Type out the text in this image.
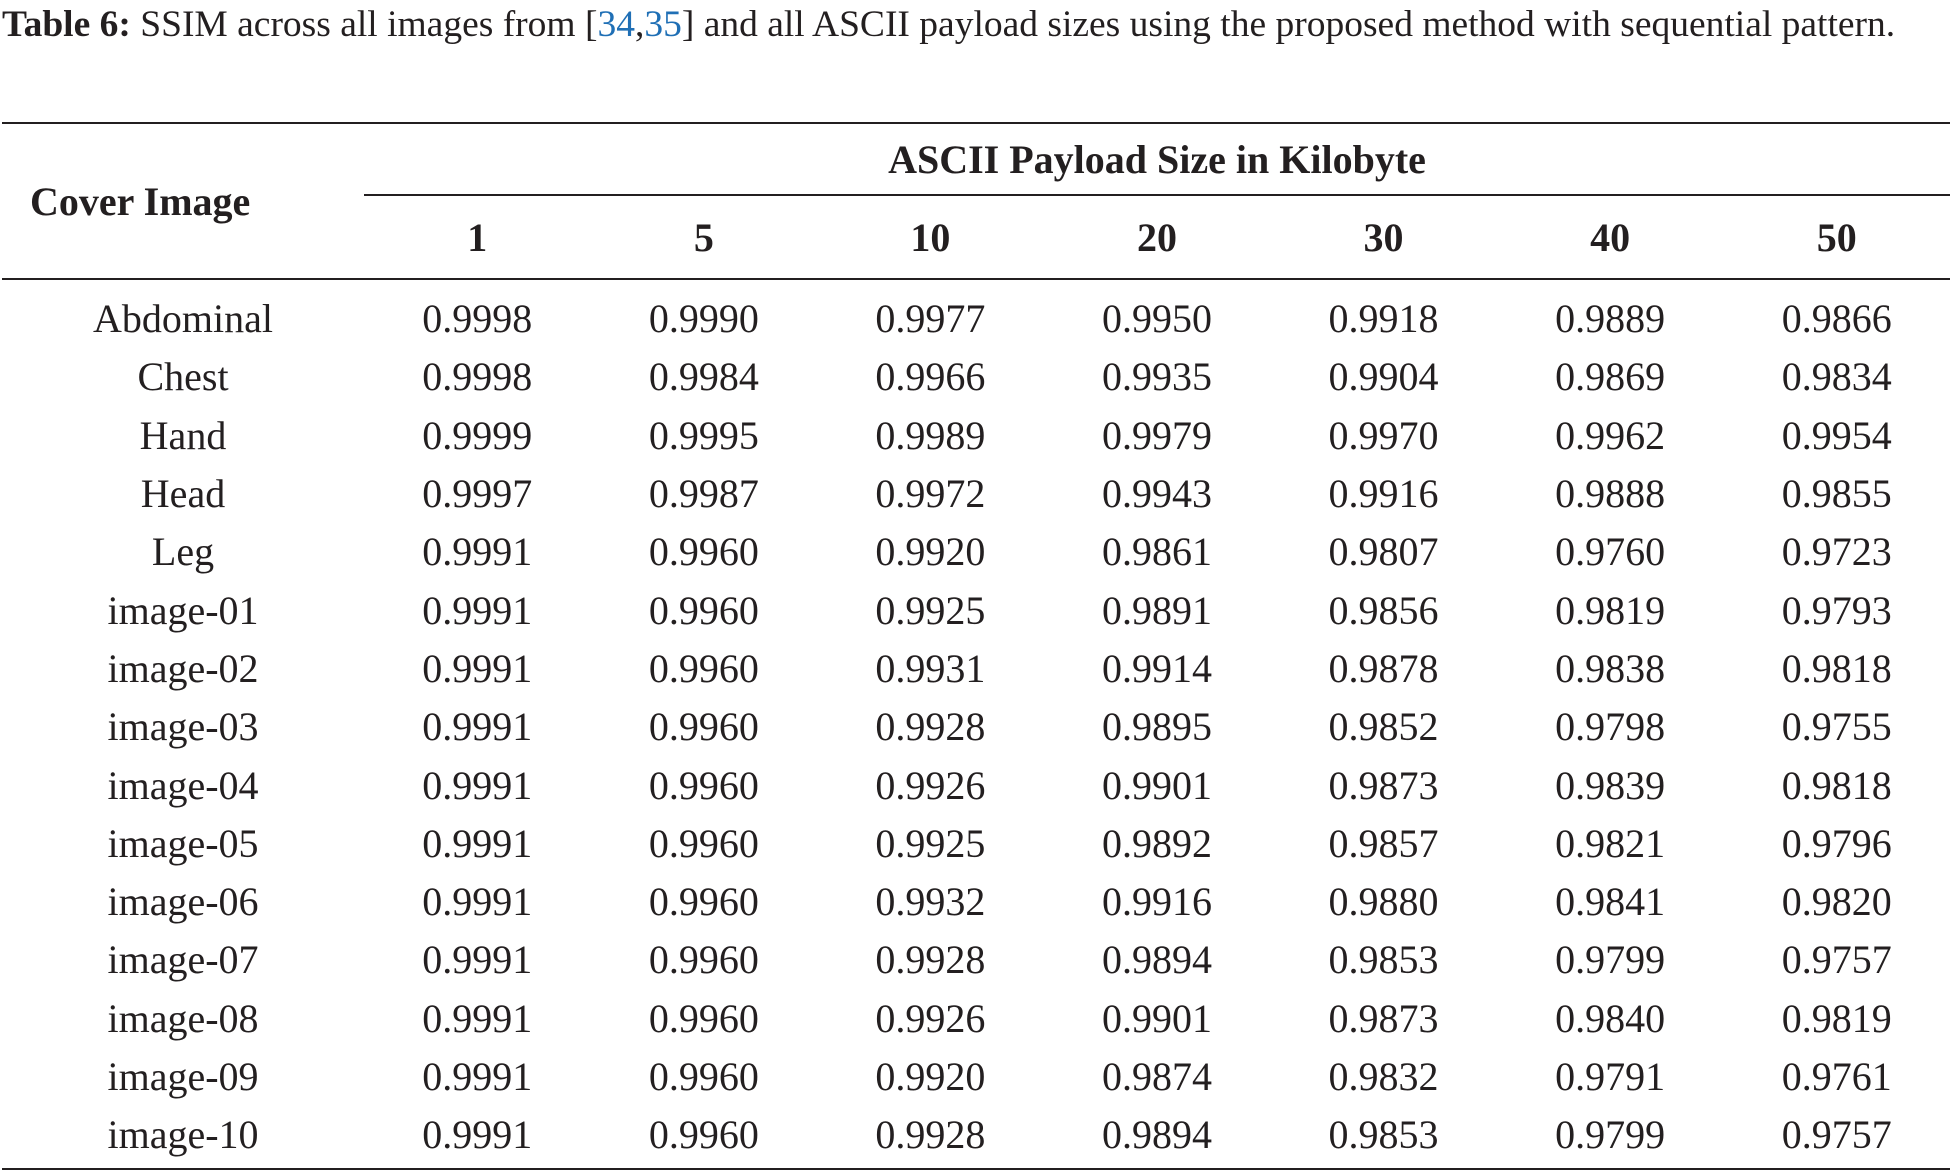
Table 6: SSIM across all images from [34,35] and all ASCII payload sizes using the proposed method with sequential pattern.

Cover Image	ASCII Payload Size in Kilobyte						
	1	5	10	20	30	40	50
Abdominal	0.9998	0.9990	0.9977	0.9950	0.9918	0.9889	0.9866
Chest	0.9998	0.9984	0.9966	0.9935	0.9904	0.9869	0.9834
Hand	0.9999	0.9995	0.9989	0.9979	0.9970	0.9962	0.9954
Head	0.9997	0.9987	0.9972	0.9943	0.9916	0.9888	0.9855
Leg	0.9991	0.9960	0.9920	0.9861	0.9807	0.9760	0.9723
image-01	0.9991	0.9960	0.9925	0.9891	0.9856	0.9819	0.9793
image-02	0.9991	0.9960	0.9931	0.9914	0.9878	0.9838	0.9818
image-03	0.9991	0.9960	0.9928	0.9895	0.9852	0.9798	0.9755
image-04	0.9991	0.9960	0.9926	0.9901	0.9873	0.9839	0.9818
image-05	0.9991	0.9960	0.9925	0.9892	0.9857	0.9821	0.9796
image-06	0.9991	0.9960	0.9932	0.9916	0.9880	0.9841	0.9820
image-07	0.9991	0.9960	0.9928	0.9894	0.9853	0.9799	0.9757
image-08	0.9991	0.9960	0.9926	0.9901	0.9873	0.9840	0.9819
image-09	0.9991	0.9960	0.9920	0.9874	0.9832	0.9791	0.9761
image-10	0.9991	0.9960	0.9928	0.9894	0.9853	0.9799	0.9757
